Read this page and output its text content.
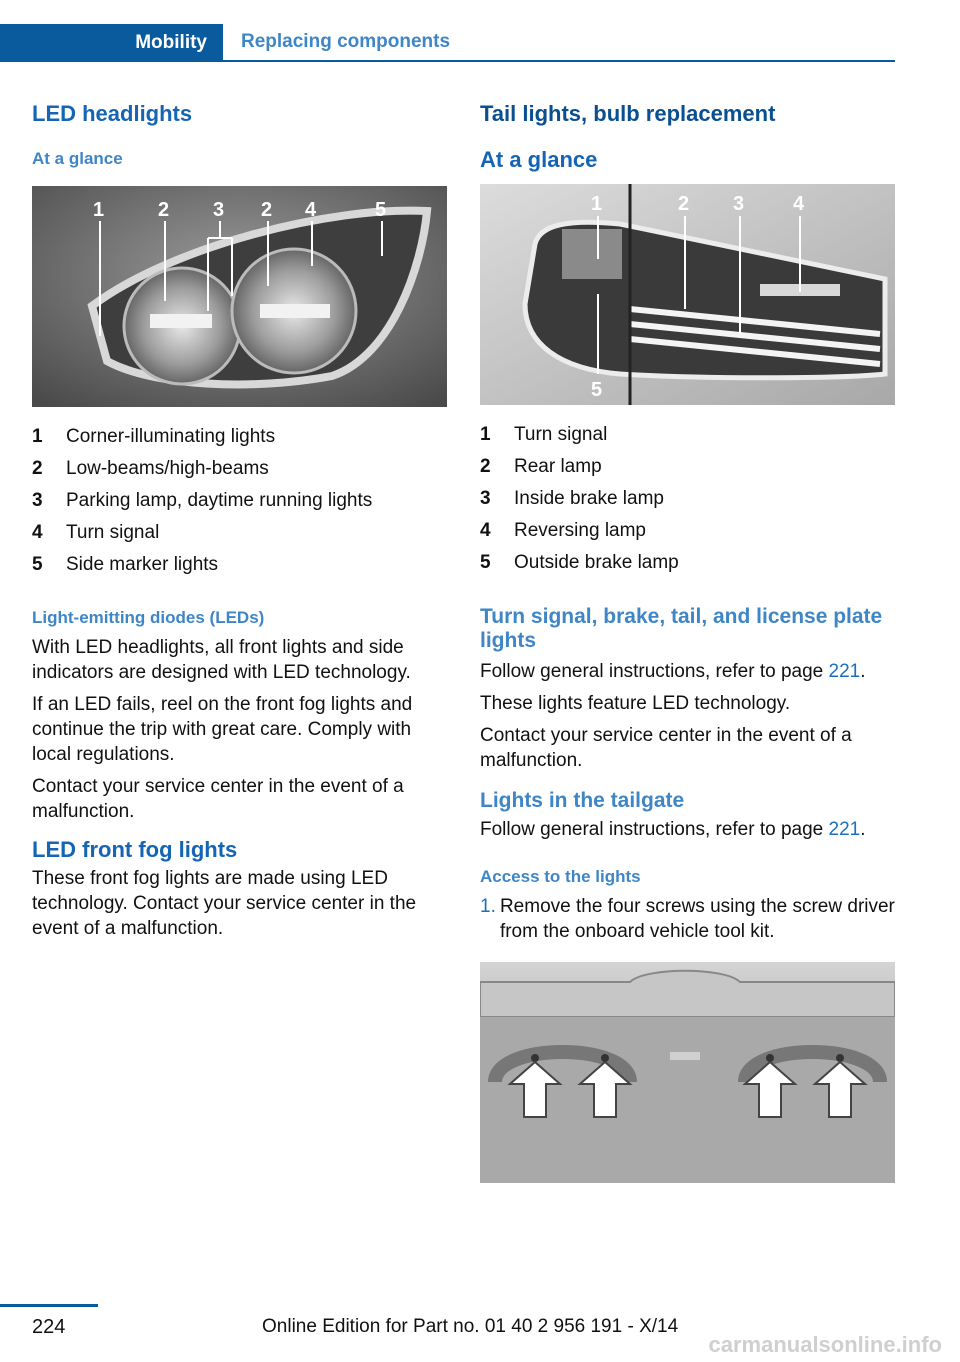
Mobility	Replacing components
LED headlights
At a glance
1	2 3 2 4	5
1	Corner-illuminating lights
2	Low-beams/high-beams
3	Parking lamp, daytime running lights
4	Turn signal
5	Side marker lights
Light-emitting diodes (LEDs)

With LED headlights, all front lights and side indicators are designed with LED technology.

If an LED fails, reel on the front fog lights and continue the trip with great care. Comply with local regulations.

Contact your service center in the event of a malfunction.

LED front fog lights

These front fog lights are made using LED technology. Contact your service center in the event of a malfunction.

Tail lights, bulb replacement
At a glance
1	2 3 4
5
1	Turn signal
2	Rear lamp
3	Inside brake lamp
4	Reversing lamp
5	Outside brake lamp
Turn signal, brake, tail, and license plate lights

Follow general instructions, refer to page 221.

These lights feature LED technology.

Contact your service center in the event of a malfunction.

Lights in the tailgate

Follow general instructions, refer to page 221.

Access to the lights
1. Remove the four screws using the screw driver from the onboard vehicle tool kit.
224	Online Edition for Part no. 01 40 2 956 191 - X/14
carmanualsonline.info
